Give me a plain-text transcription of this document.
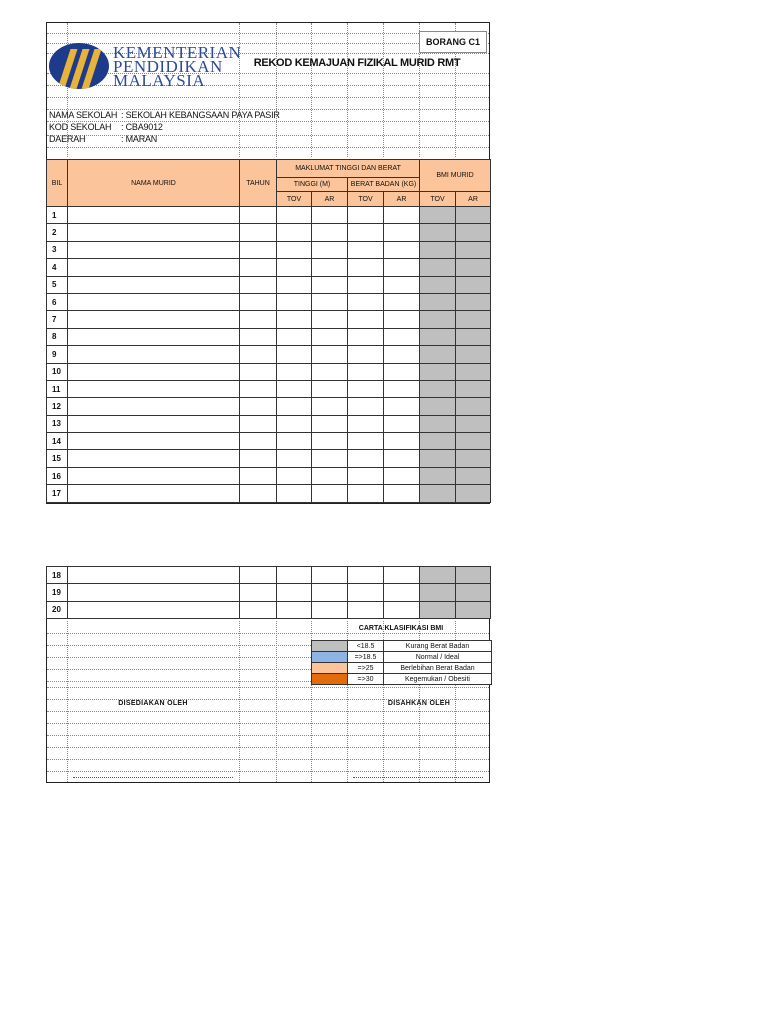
KEMENTERIAN
PENDIDIKAN
MALAYSIA
BORANG C1
REKOD KEMAJUAN FIZIKAL MURID RMT
NAMA SEKOLAH : SEKOLAH KEBANGSAAN PAYA PASIR
KOD SEKOLAH : CBA9012
DAERAH	: MARAN
BIL	NAMA MURID	TAHUN	MAKLUMAT TINGGI DAN BERAT				BMI MURID	
			TINGGI (M)		BERAT BADAN (KG)			
			TOV	AR	TOV	AR	TOV	AR
1								
2								
3								
4								
5								
6								
7								
8								
9								
10								
11								
12								
13								
14								
15								
16								
17								
18								
19								
20								
CARTA KLASIFIKASI BMI
	<18.5	Kurang Berat Badan
	=>18.5	Normal / Ideal
	=>25	Berlebihan Berat Badan
	=>30	Kegemukan / Obesiti
DISEDIAKAN OLEH	DISAHKAN OLEH
